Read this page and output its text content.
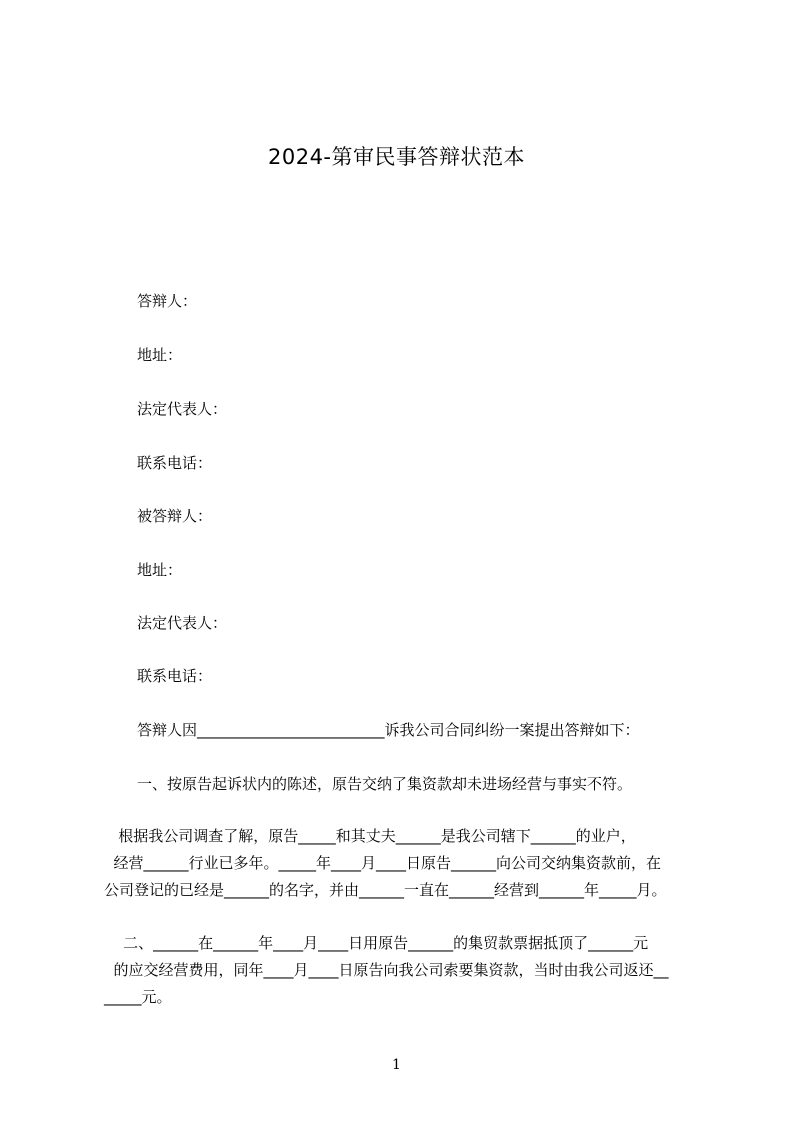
2024-第审民事答辩状范本
答辩人：
地址：
法定代表人：
联系电话：
被答辩人：
地址：
法定代表人：
联系电话：
答辩人因_________________________诉我公司合同纠纷一案提出答辩如下：
一、按原告起诉状内的陈述，原告交纳了集资款却未进场经营与事实不符。
根据我公司调查了解，原告_____和其丈夫______是我公司辖下______的业户，
经营______行业已多年。_____年____月____日原告______向公司交纳集资款前，在
公司登记的已经是______的名字，并由______一直在______经营到______年_____月。
二、______在______年____月____日用原告______的集贸款票据抵顶了______元
的应交经营费用，同年____月____日原告向我公司索要集资款，当时由我公司返还__
_____元。
1
